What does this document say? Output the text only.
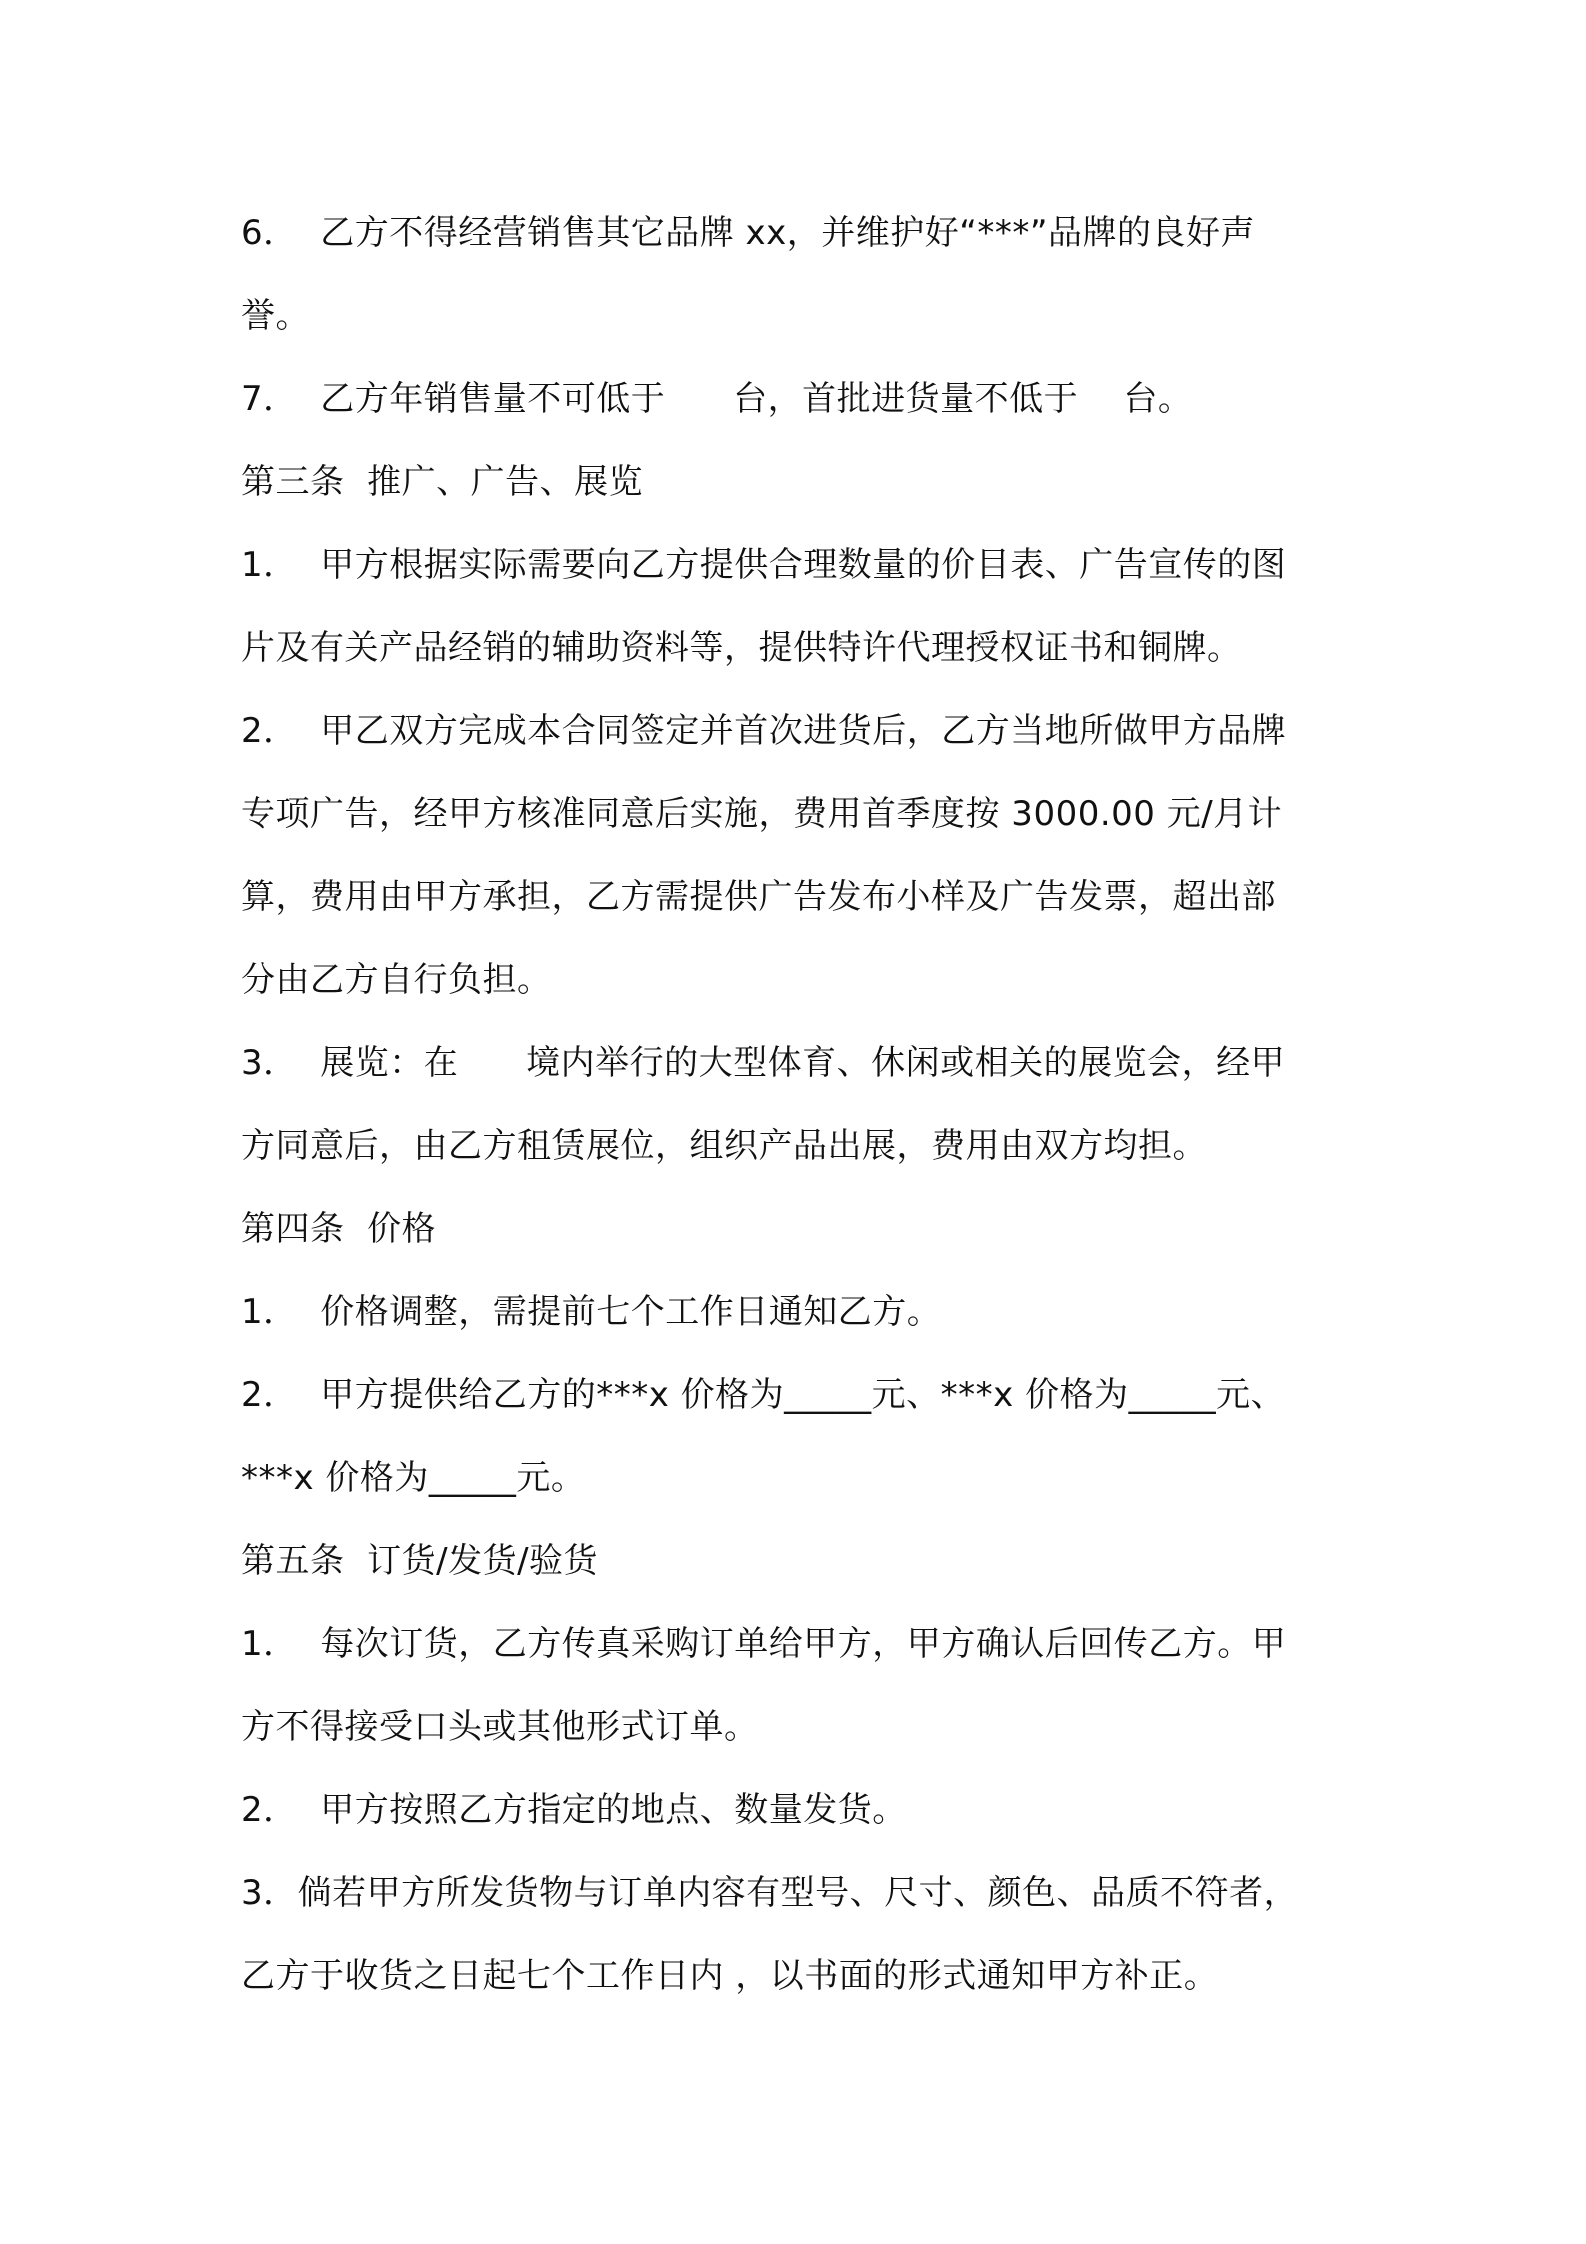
6．  乙方不得经营销售其它品牌 xx，并维护好“***”品牌的良好声

誉。

7．  乙方年销售量不可低于      台，首批进货量不低于    台。

第三条  推广、广告、展览

1．  甲方根据实际需要向乙方提供合理数量的价目表、广告宣传的图

片及有关产品经销的辅助资料等，提供特许代理授权证书和铜牌。

2．  甲乙双方完成本合同签定并首次进货后，乙方当地所做甲方品牌

专项广告，经甲方核准同意后实施，费用首季度按 3000.00 元/月计

算，费用由甲方承担，乙方需提供广告发布小样及广告发票，超出部

分由乙方自行负担。

3．  展览：在      境内举行的大型体育、休闲或相关的展览会，经甲

方同意后，由乙方租赁展位，组织产品出展，费用由双方均担。

第四条  价格

1．  价格调整，需提前七个工作日通知乙方。

2．  甲方提供给乙方的***x 价格为_____元、***x 价格为_____元、

***x 价格为_____元。

第五条  订货/发货/验货

1．  每次订货，乙方传真采购订单给甲方，甲方确认后回传乙方。甲

方不得接受口头或其他形式订单。

2．  甲方按照乙方指定的地点、数量发货。

3．倘若甲方所发货物与订单内容有型号、尺寸、颜色、品质不符者，

乙方于收货之日起七个工作日内 ，以书面的形式通知甲方补正。
